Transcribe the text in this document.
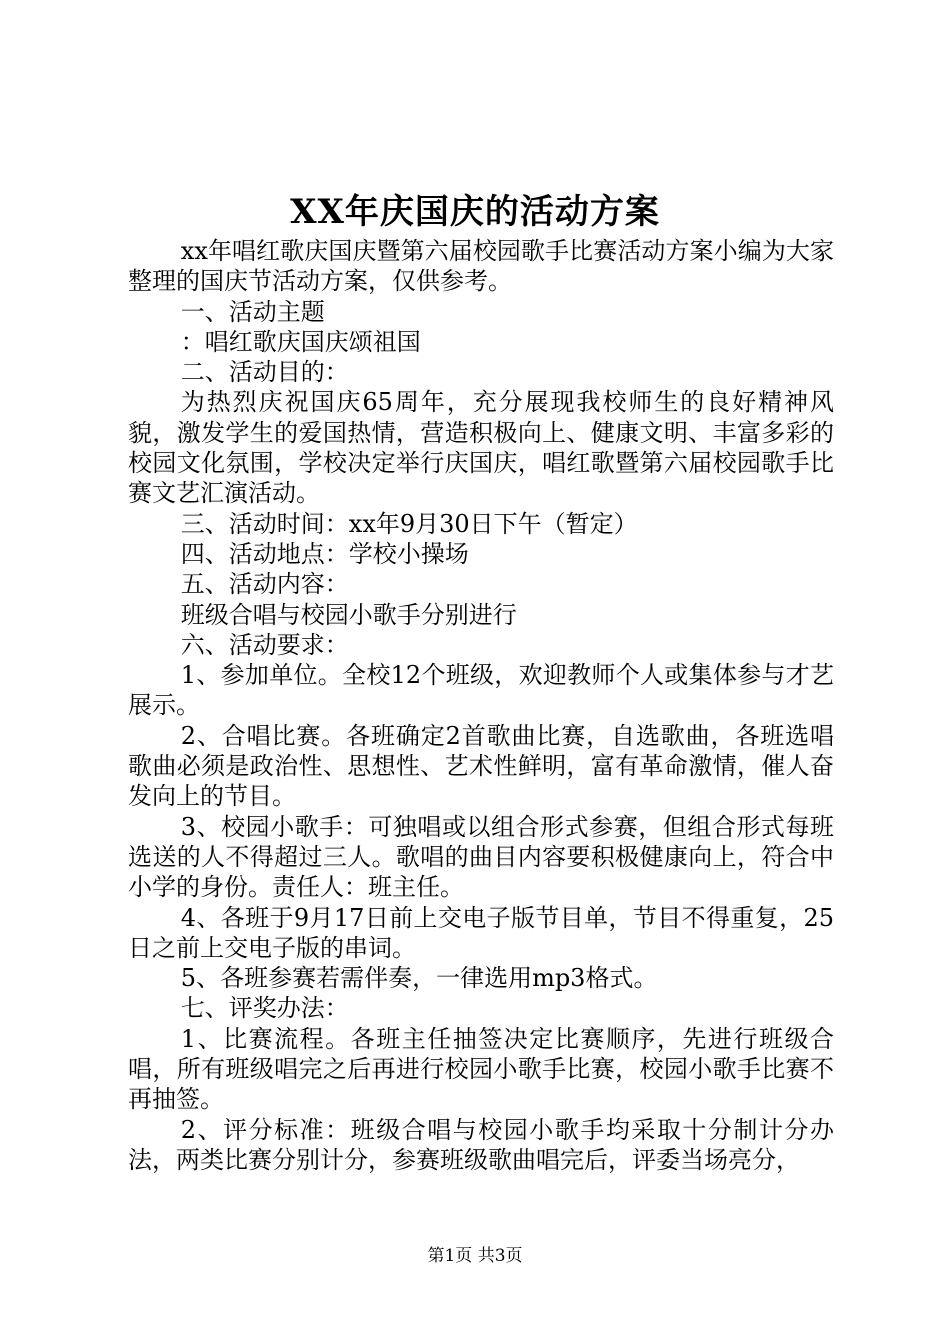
XX年庆国庆的活动方案

xx年唱红歌庆国庆暨第六届校园歌手比赛活动方案小编为大家整理的国庆节活动方案，仅供参考。

一、活动主题

：唱红歌庆国庆颂祖国

二、活动目的：

为热烈庆祝国庆65周年，充分展现我校师生的良好精神风貌，激发学生的爱国热情，营造积极向上、健康文明、丰富多彩的校园文化氛围，学校决定举行庆国庆，唱红歌暨第六届校园歌手比赛文艺汇演活动。

三、活动时间：xx年9月30日下午（暂定）

四、活动地点：学校小操场

五、活动内容：

班级合唱与校园小歌手分别进行

六、活动要求：

1、参加单位。全校12个班级，欢迎教师个人或集体参与才艺展示。

2、合唱比赛。各班确定2首歌曲比赛，自选歌曲，各班选唱歌曲必须是政治性、思想性、艺术性鲜明，富有革命激情，催人奋发向上的节目。

3、校园小歌手：可独唱或以组合形式参赛，但组合形式每班选送的人不得超过三人。歌唱的曲目内容要积极健康向上，符合中小学的身份。责任人：班主任。

4、各班于9月17日前上交电子版节目单，节目不得重复，25日之前上交电子版的串词。

5、各班参赛若需伴奏，一律选用mp3格式。

七、评奖办法：

1、比赛流程。各班主任抽签决定比赛顺序，先进行班级合唱，所有班级唱完之后再进行校园小歌手比赛，校园小歌手比赛不再抽签。

2、评分标准：班级合唱与校园小歌手均采取十分制计分办法，两类比赛分别计分，参赛班级歌曲唱完后，评委当场亮分，

第1页 共3页
